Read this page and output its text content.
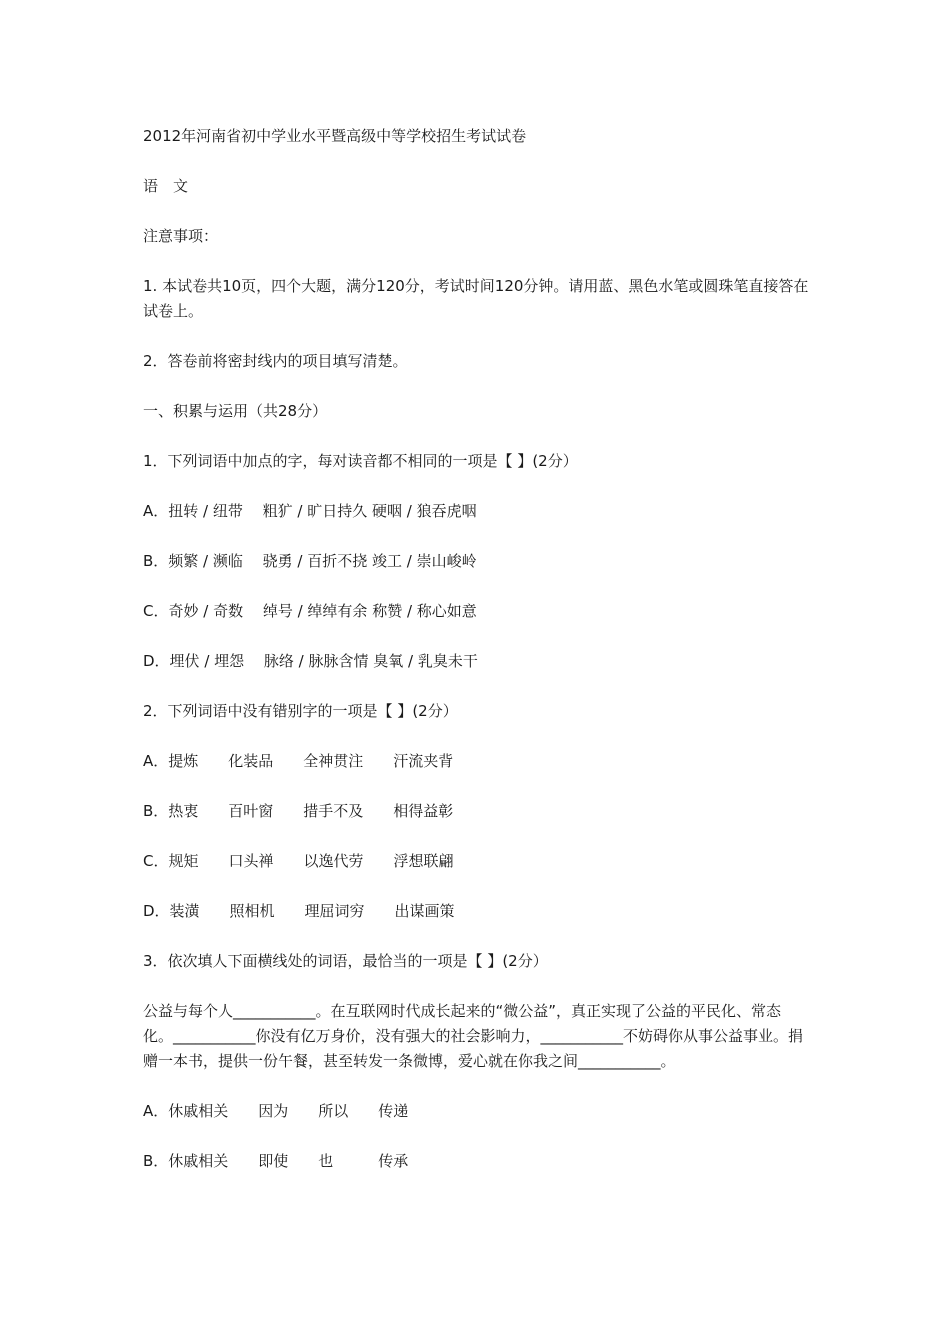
2012年河南省初中学业水平暨高级中等学校招生考试试卷

语　文

注意事项：

1. 本试卷共10页，四个大题，满分120分，考试时间120分钟。请用蓝、黑色水笔或圆珠笔直接答在试卷上。

2．答卷前将密封线内的项目填写清楚。

一、积累与运用（共28分）

1．下列词语中加点的字，每对读音都不相同的一项是【 】(2分）

A．扭转 / 纽带　 粗犷 / 旷日持久 硬咽 / 狼吞虎咽

B．频繁 / 濒临　 骁勇 / 百折不挠 竣工 / 崇山峻岭

C．奇妙 / 奇数　 绰号 / 绰绰有余 称赞 / 称心如意

D．埋伏 / 埋怨　 脉络 / 脉脉含情 臭氧 / 乳臭未干

2．下列词语中没有错别字的一项是【 】(2分）

A．提炼　　化装品　　全神贯注　　汗流夹背

B．热衷　　百叶窗　　措手不及　　相得益彰

C．规矩　　口头禅　　以逸代劳　　浮想联翩

D．装潢　　照相机　　理屈词穷　　出谋画策

3．依次填人下面横线处的词语，最恰当的一项是【 】(2分）

公益与每个人___________。在互联网时代成长起来的“微公益”，真正实现了公益的平民化、常态化。___________你没有亿万身价，没有强大的社会影响力，___________不妨碍你从事公益事业。捐赠一本书，提供一份午餐，甚至转发一条微博，爱心就在你我之间___________。

A．休戚相关　　因为　　所以　　传递

B．休戚相关　　即使　　也　　　传承
